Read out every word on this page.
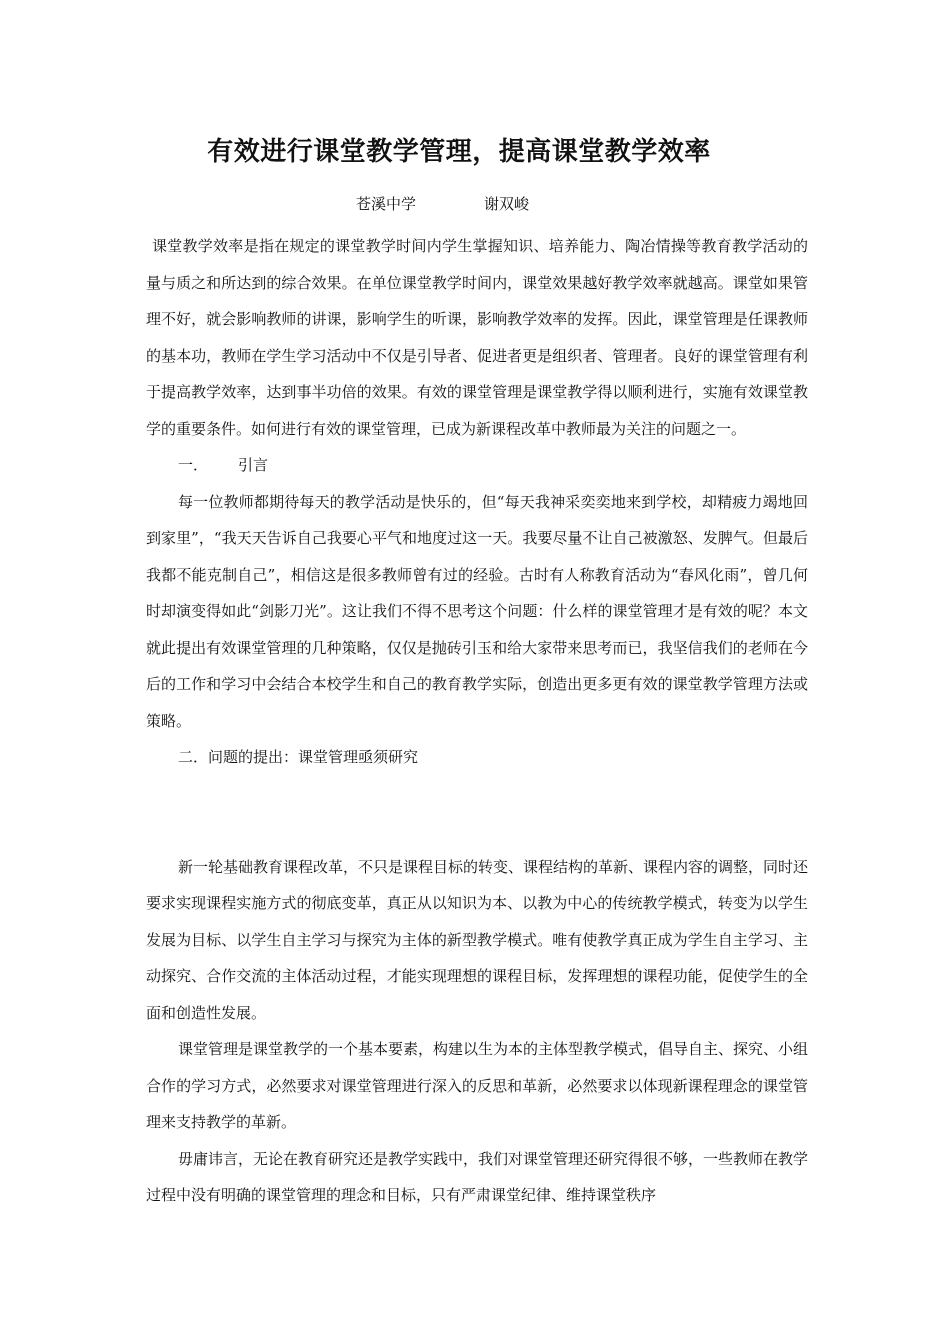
有效进行课堂教学管理，提高课堂教学效率
苍溪中学	谢双峻

课堂教学效率是指在规定的课堂教学时间内学生掌握知识、培养能力、陶冶情操等教育教学活动的量与质之和所达到的综合效果。在单位课堂教学时间内，课堂效果越好教学效率就越高。课堂如果管理不好，就会影响教师的讲课，影响学生的听课，影响教学效率的发挥。因此，课堂管理是任课教师的基本功，教师在学生学习活动中不仅是引导者、促进者更是组织者、管理者。良好的课堂管理有利于提高教学效率，达到事半功倍的效果。有效的课堂管理是课堂教学得以顺利进行，实施有效课堂教学的重要条件。如何进行有效的课堂管理，已成为新课程改革中教师最为关注的问题之一。

一． 引言

每一位教师都期待每天的教学活动是快乐的，但“每天我神采奕奕地来到学校，却精疲力竭地回到家里”，“我天天告诉自己我要心平气和地度过这一天。我要尽量不让自己被激怒、发脾气。但最后我都不能克制自己”，相信这是很多教师曾有过的经验。古时有人称教育活动为“春风化雨”，曾几何时却演变得如此“剑影刀光”。这让我们不得不思考这个问题：什么样的课堂管理才是有效的呢？本文就此提出有效课堂管理的几种策略，仅仅是抛砖引玉和给大家带来思考而已，我坚信我们的老师在今后的工作和学习中会结合本校学生和自己的教育教学实际，创造出更多更有效的课堂教学管理方法或策略。

二．问题的提出：课堂管理亟须研究

新一轮基础教育课程改革，不只是课程目标的转变、课程结构的革新、课程内容的调整，同时还要求实现课程实施方式的彻底变革，真正从以知识为本、以教为中心的传统教学模式，转变为以学生发展为目标、以学生自主学习与探究为主体的新型教学模式。唯有使教学真正成为学生自主学习、主动探究、合作交流的主体活动过程，才能实现理想的课程目标，发挥理想的课程功能，促使学生的全面和创造性发展。

课堂管理是课堂教学的一个基本要素，构建以生为本的主体型教学模式，倡导自主、探究、小组合作的学习方式，必然要求对课堂管理进行深入的反思和革新，必然要求以体现新课程理念的课堂管理来支持教学的革新。

毋庸讳言，无论在教育研究还是教学实践中，我们对课堂管理还研究得很不够，一些教师在教学过程中没有明确的课堂管理的理念和目标，只有严肃课堂纪律、维持课堂秩序
